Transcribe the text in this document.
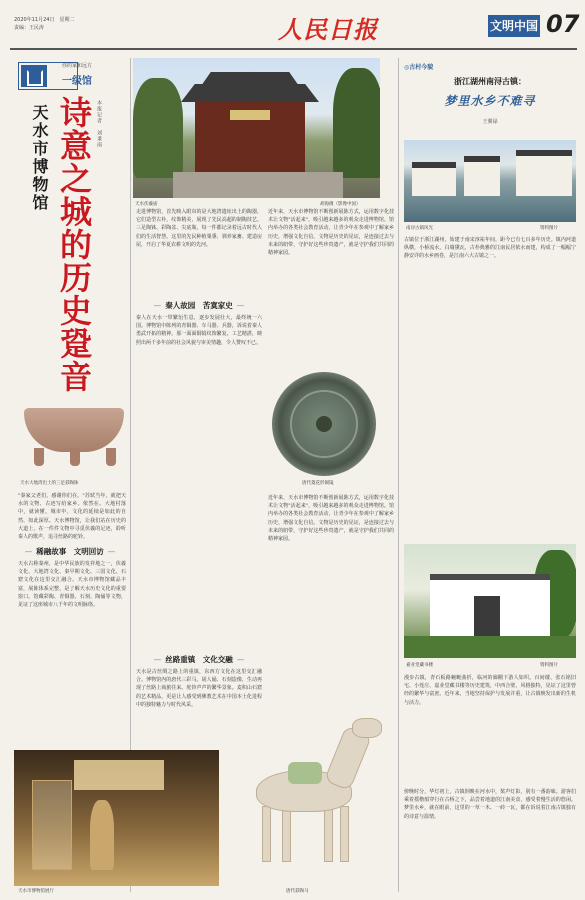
2020年11月24日　星期二
责编：王民涛	人民日报	文明中国 07
你的家和远方
一级馆
天水市博物馆 诗意之城的历史跫音 本报记者　刘秉南
天水伏羲庙	胡海摄（影像中国）
天水大地湾出土的三足彩陶钵
"秦家父老们，感谢你们在。"苏轼当年，就把天水的文物、古迹写给家乡。依然在。大地村落中，就读懂、城市中，文化的延续是如此的自然、如此深厚。天水博物馆，让我们站在历史的大道上，在一件件文物中寻觅伏羲的足迹，聆听秦人的歌声，追寻丝路的驼铃。
— 稀融故事　文明回访 —
天水古称秦州，是中华民族的发祥地之一，伏羲文化、大地湾文化、秦早期文化、三国文化、石窟文化在这里交汇融合。天水市博物馆藏品丰富，展陈体系完整，是了解天水历史文化的重要窗口。馆藏彩陶、青铜器、石刻、陶俑等文物，见证了这座城市八千年的文明脉络。
走进博物馆，首先映入眼帘的是大地湾遗址出土的陶器，它们造型古朴，纹饰精美，展现了先民高超的制陶技艺。三足陶钵、彩陶盆、尖底瓶，每一件都记录着远古时代人们的生活智慧。这里的先民种植粟黍、驯养家畜、建造房屋，开启了华夏农耕文明的先河。
— 秦人故园　苦寞家史 —
秦人在天水一带繁衍生息，逐步发展壮大，最终统一六国。博物馆中陈列的青铜器、车马器、兵器，诉说着秦人勇武开拓的精神。那一面面铜镜纹饰繁复、工艺精湛，映照出两千多年前的社会风貌与审美情趣，令人赞叹不已。
— 丝路重镇　文化交融 —
天水是古丝绸之路上的重镇，东西方文化在这里交汇融合。博物馆内的唐代三彩马、胡人俑、石刻造像，生动再现了丝路上商旅往来、驼铃声声的繁华景象。麦积山石窟的艺术精品，更是让人感受到佛教艺术在中国本土化进程中的独特魅力与时代风采。
近年来，天水市博物馆不断创新展陈方式，运用数字化技术让文物"活起来"，吸引越来越多的观众走进博物馆。馆内举办的各类社会教育活动，让青少年在参观中了解家乡历史，增强文化自信。文物是历史的见证，是连接过去与未来的纽带，守护好这些珍贵遗产，就是守护我们共同的精神家园。
唐代菱花形铜镜
近年来，天水市博物馆不断创新展陈方式，运用数字化技术让文物"活起来"，吸引越来越多的观众走进博物馆。馆内举办的各类社会教育活动，让青少年在参观中了解家乡历史，增强文化自信。文物是历史的见证，是连接过去与未来的纽带，守护好这些珍贵遗产，就是守护我们共同的精神家园。
天水市博物馆展厅	唐代彩陶马
◎古村今貌
浙江湖州南浔古镇：
梦里水乡不难寻
王翼禄
南浔古镇风光	资料图片
古镇位于浙江湖州，始建于南宋淳祐年间，距今已有七百多年历史。镇内河道纵横，小桥流水，白墙黛瓦，古朴典雅的江南民居依水而建，构成了一幅幅宁静安详的水乡画卷，是江南六大古镇之一。
嘉业堂藏书楼	资料图片
漫步古镇，青石板路蜿蜒曲折，临河的廊棚下游人如织。百间楼、张石铭旧宅、小莲庄、嘉业堂藏书楼等历史建筑，中西合璧，风格独特，见证了这里曾经的繁华与富庶。近年来，当地坚持保护与发展并重，让古镇焕发出新的生机与活力。
傍晚时分，华灯初上，古镇倒映在河水中，桨声灯影，别有一番韵味。游客们乘着摇橹船穿行在古桥之下，品尝着地道的江南美食，感受着慢生活的悠闲。梦里水乡，就在眼前，这里的一草一木、一砖一瓦，都在诉说着江南古镇独有的诗意与温情。
